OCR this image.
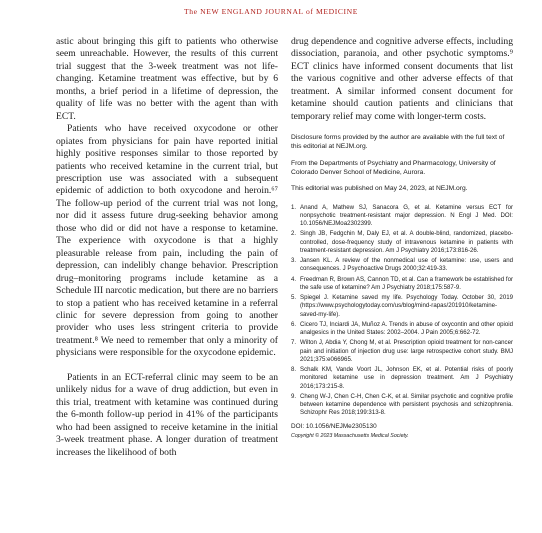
The NEW ENGLAND JOURNAL of MEDICINE

astic about bringing this gift to patients who otherwise seem unreachable. However, the results of this current trial suggest that the 3-week treatment was not life-changing. Ketamine treatment was effective, but by 6 months, a brief period in a lifetime of depression, the quality of life was no better with the agent than with ECT.

Patients who have received oxycodone or other opiates from physicians for pain have reported initial highly positive responses similar to those reported by patients who received ketamine in the current trial, but prescription use was associated with a subsequent epidemic of addiction to both oxycodone and heroin.⁶⁷ The follow-up period of the current trial was not long, nor did it assess future drug-seeking behavior among those who did or did not have a response to ketamine. The experience with oxycodone is that a highly pleasurable release from pain, including the pain of depression, can indelibly change behavior. Prescription drug–monitoring programs include ketamine as a Schedule III narcotic medication, but there are no barriers to stop a patient who has received ketamine in a referral clinic for severe depression from going to another provider who uses less stringent criteria to provide treatment.⁸ We need to remember that only a minority of physicians were responsible for the oxycodone epidemic.

Patients in an ECT-referral clinic may seem to be an unlikely nidus for a wave of drug addiction, but even in this trial, treatment with ketamine was continued during the 6-month follow-up period in 41% of the participants who had been assigned to receive ketamine in the initial 3-week treatment phase. A longer duration of treatment increases the likelihood of both

drug dependence and cognitive adverse effects, including dissociation, paranoia, and other psychotic symptoms.⁹ ECT clinics have informed consent documents that list the various cognitive and other adverse effects of that treatment. A similar informed consent document for ketamine should caution patients and clinicians that temporary relief may come with longer-term costs.

Disclosure forms provided by the author are available with the full text of this editorial at NEJM.org.

From the Departments of Psychiatry and Pharmacology, University of Colorado Denver School of Medicine, Aurora.

This editorial was published on May 24, 2023, at NEJM.org.

1. Anand A, Mathew SJ, Sanacora G, et al. Ketamine versus ECT for nonpsychotic treatment-resistant major depression. N Engl J Med. DOI: 10.1056/NEJMoa2302399.
2. Singh JB, Fedgchin M, Daly EJ, et al. A double-blind, randomized, placebo-controlled, dose-frequency study of intravenous ketamine in patients with treatment-resistant depression. Am J Psychiatry 2016;173:816-26.
3. Jansen KL. A review of the nonmedical use of ketamine: use, users and consequences. J Psychoactive Drugs 2000;32:419-33.
4. Freedman R, Brown AS, Cannon TD, et al. Can a framework be established for the safe use of ketamine? Am J Psychiatry 2018;175:587-9.
5. Spiegel J. Ketamine saved my life. Psychology Today. October 30, 2019 (https://www.psychologytoday.com/us/blog/mind-rapas/201910/ketamine-saved-my-life).
6. Cicero TJ, Inciardi JA, Muñoz A. Trends in abuse of oxycontin and other opioid analgesics in the United States: 2002–2004. J Pain 2005;6:662-72.
7. Wilton J, Abdia Y, Chong M, et al. Prescription opioid treatment for non-cancer pain and initiation of injection drug use: large retrospective cohort study. BMJ 2021;375:e066965.
8. Schalk KM, Vande Voort JL, Johnson EK, et al. Potential risks of poorly monitored ketamine use in depression treatment. Am J Psychiatry 2016;173:215-8.
9. Cheng W-J, Chen C-H, Chen C-K, et al. Similar psychotic and cognitive profile between ketamine dependence with persistent psychosis and schizophrenia. Schizophr Res 2018;199:313-8.
DOI: 10.1056/NEJMe2305130
Copyright © 2023 Massachusetts Medical Society.
